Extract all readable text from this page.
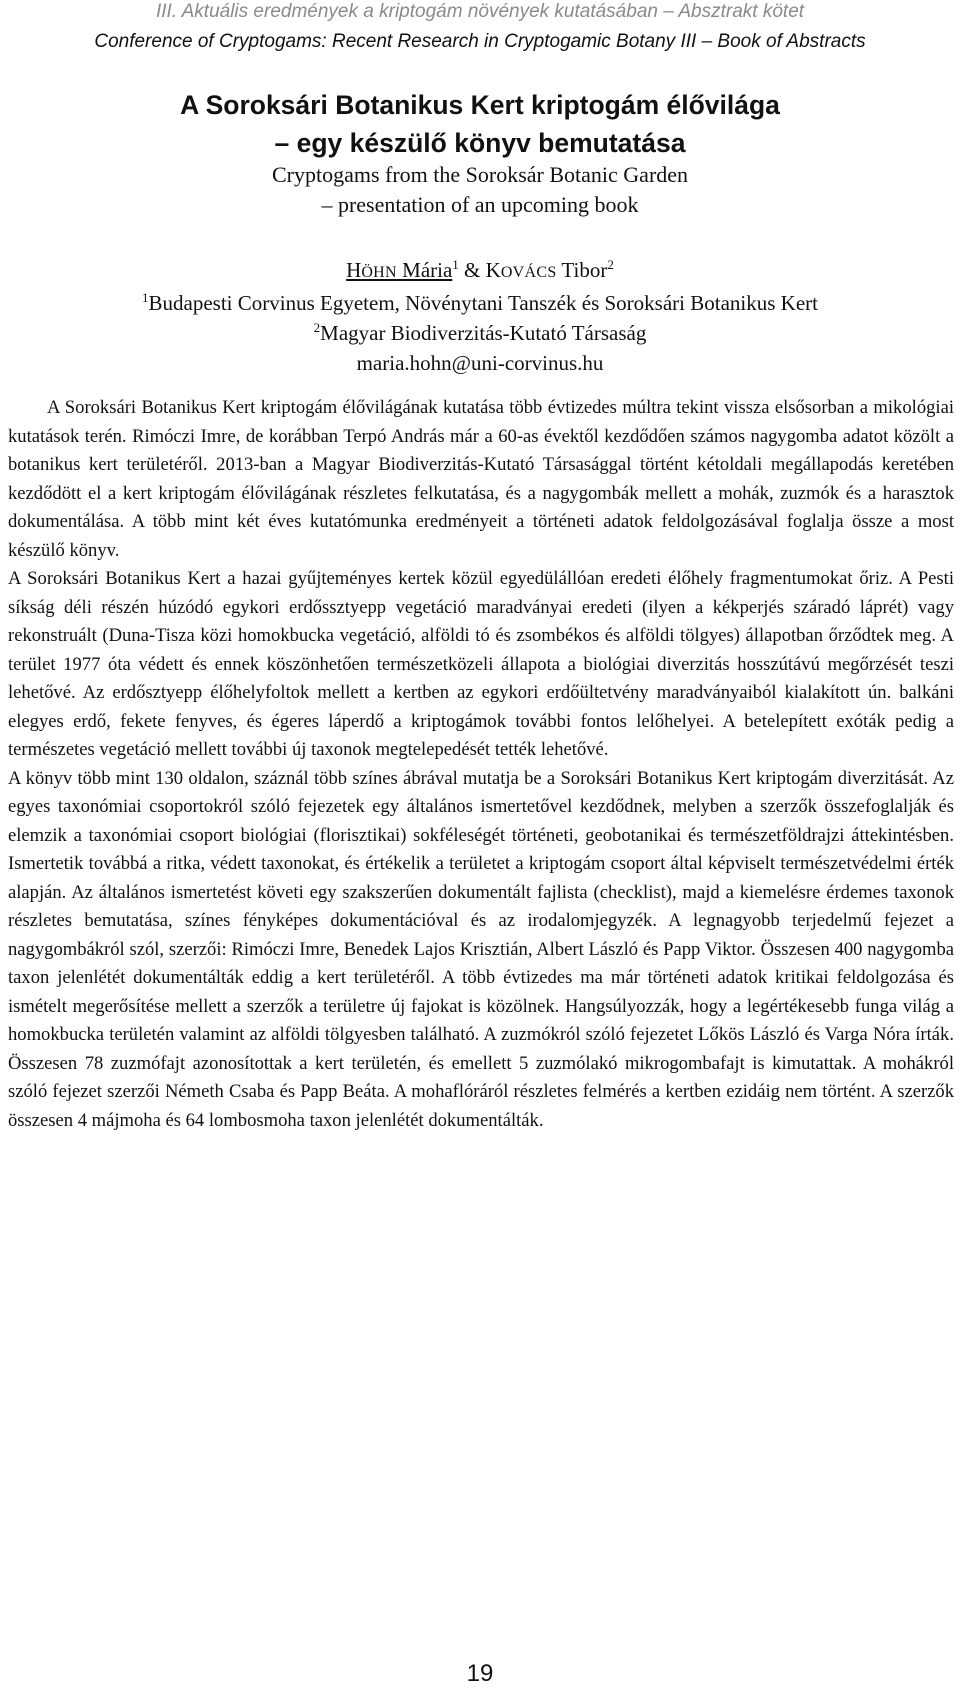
III. Aktuális eredmények a kriptogám növények kutatásában – Absztrakt kötet
Conference of Cryptogams: Recent Research in Cryptogamic Botany III – Book of Abstracts
A Soroksári Botanikus Kert kriptogám élővilága
– egy készülő könyv bemutatása
Cryptogams from the Soroksár Botanic Garden
– presentation of an upcoming book
HÖHN Mária$^1$ & KOVÁCS Tibor$^2$
$^1$Budapesti Corvinus Egyetem, Növénytani Tanszék és Soroksári Botanikus Kert
$^2$Magyar Biodiverzitás-Kutató Társaság
maria.hohn@uni-corvinus.hu

A Soroksári Botanikus Kert kriptogám élővilágának kutatása több évtizedes múltra tekint vissza elsősorban a mikológiai kutatások terén. Rimóczi Imre, de korábban Terpó András már a 60-as évektől kezdődően számos nagygomba adatot közölt a botanikus kert területéről. 2013-ban a Magyar Biodiverzitás-Kutató Társasággal történt kétoldali megállapodás keretében kezdődött el a kert kriptogám élővilágának részletes felkutatása, és a nagygombák mellett a mohák, zuzmók és a harasztok dokumentálása. A több mint két éves kutatómunka eredményeit a történeti adatok feldolgozásával foglalja össze a most készülő könyv.

A Soroksári Botanikus Kert a hazai gyűjteményes kertek közül egyedülállóan eredeti élőhely fragmentumokat őriz. A Pesti síkság déli részén húzódó egykori erdőssztyepp vegetáció maradványai eredeti (ilyen a kékperjés száradó láprét) vagy rekonstruált (Duna-Tisza közi homokbucka vegetáció, alföldi tó és zsombékos és alföldi tölgyes) állapotban őrződtek meg. A terület 1977 óta védett és ennek köszönhetően természetközeli állapota a biológiai diverzitás hosszútávú megőrzését teszi lehetővé. Az erdősztyepp élőhelyfoltok mellett a kertben az egykori erdőültetvény maradványaiból kialakított ún. balkáni elegyes erdő, fekete fenyves, és égeres láperdő a kriptogámok további fontos lelőhelyei. A betelepített exóták pedig a természetes vegetáció mellett további új taxonok megtelepedését tették lehetővé.

A könyv több mint 130 oldalon, száznál több színes ábrával mutatja be a Soroksári Botanikus Kert kriptogám diverzitását. Az egyes taxonómiai csoportokról szóló fejezetek egy általános ismertetővel kezdődnek, melyben a szerzők összefoglalják és elemzik a taxonómiai csoport biológiai (florisztikai) sokféleségét történeti, geobotanikai és természetföldrajzi áttekintésben. Ismertetik továbbá a ritka, védett taxonokat, és értékelik a területet a kriptogám csoport által képviselt természetvédelmi érték alapján. Az általános ismertetést követi egy szakszerűen dokumentált fajlista (checklist), majd a kiemelésre érdemes taxonok részletes bemutatása, színes fényképes dokumentációval és az irodalomjegyzék. A legnagyobb terjedelmű fejezet a nagygombákról szól, szerzői: Rimóczi Imre, Benedek Lajos Krisztián, Albert László és Papp Viktor. Összesen 400 nagygomba taxon jelenlétét dokumentálták eddig a kert területéről. A több évtizedes ma már történeti adatok kritikai feldolgozása és ismételt megerősítése mellett a szerzők a területre új fajokat is közölnek. Hangsúlyozzák, hogy a legértékesebb funga világ a homokbucka területén valamint az alföldi tölgyesben található. A zuzmókról szóló fejezetet Lőkös László és Varga Nóra írták. Összesen 78 zuzmófajt azonosítottak a kert területén, és emellett 5 zuzmólakó mikrogombafajt is kimutattak. A mohákról szóló fejezet szerzői Németh Csaba és Papp Beáta. A mohaflóráról részletes felmérés a kertben ezidáig nem történt. A szerzők összesen 4 májmoha és 64 lombosmoha taxon jelenlétét dokumentálták.

19
